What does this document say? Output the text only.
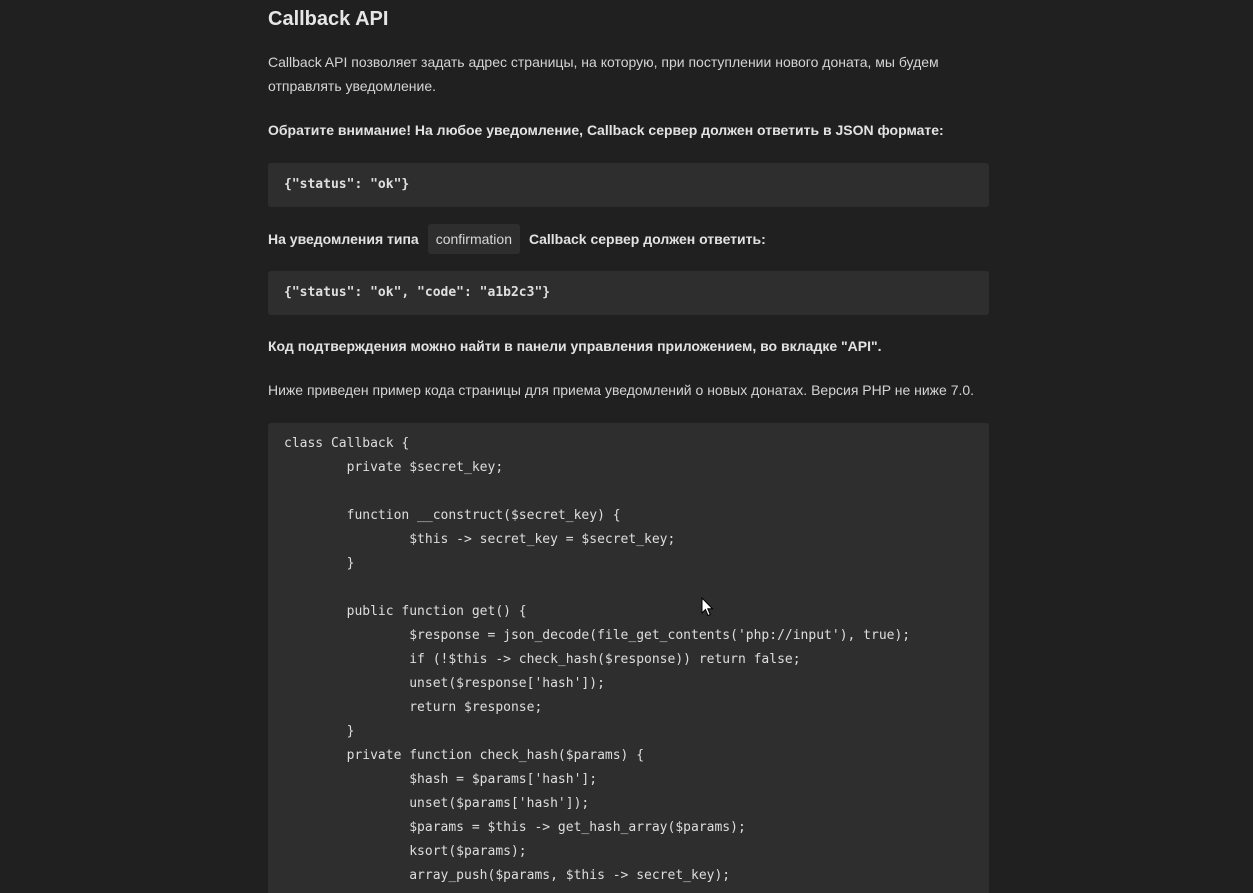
Callback API

Callback API позволяет задать адрес страницы, на которую, при поступлении нового доната, мы будем отправлять уведомление.

Обратите внимание! На любое уведомление, Callback сервер должен ответить в JSON формате:

{"status": "ok"}
На уведомления типа	confirmation	Callback сервер должен ответить:
{"status": "ok", "code": "a1b2c3"}

Код подтверждения можно найти в панели управления приложением, во вкладке "API".

Ниже приведен пример кода страницы для приема уведомлений о новых донатах. Версия PHP не ниже 7.0.

class Callback {
private $secret_key;

function __construct($secret_key) {
$this -> secret_key = $secret_key;
}

public function get() {
$response = json_decode(file_get_contents('php://input'), true);
if (!$this -> check_hash($response)) return false;
unset($response['hash']);
return $response;
}
private function check_hash($params) {
$hash = $params['hash'];
unset($params['hash']);
$params = $this -> get_hash_array($params);
ksort($params);
array_push($params, $this -> secret_key);
